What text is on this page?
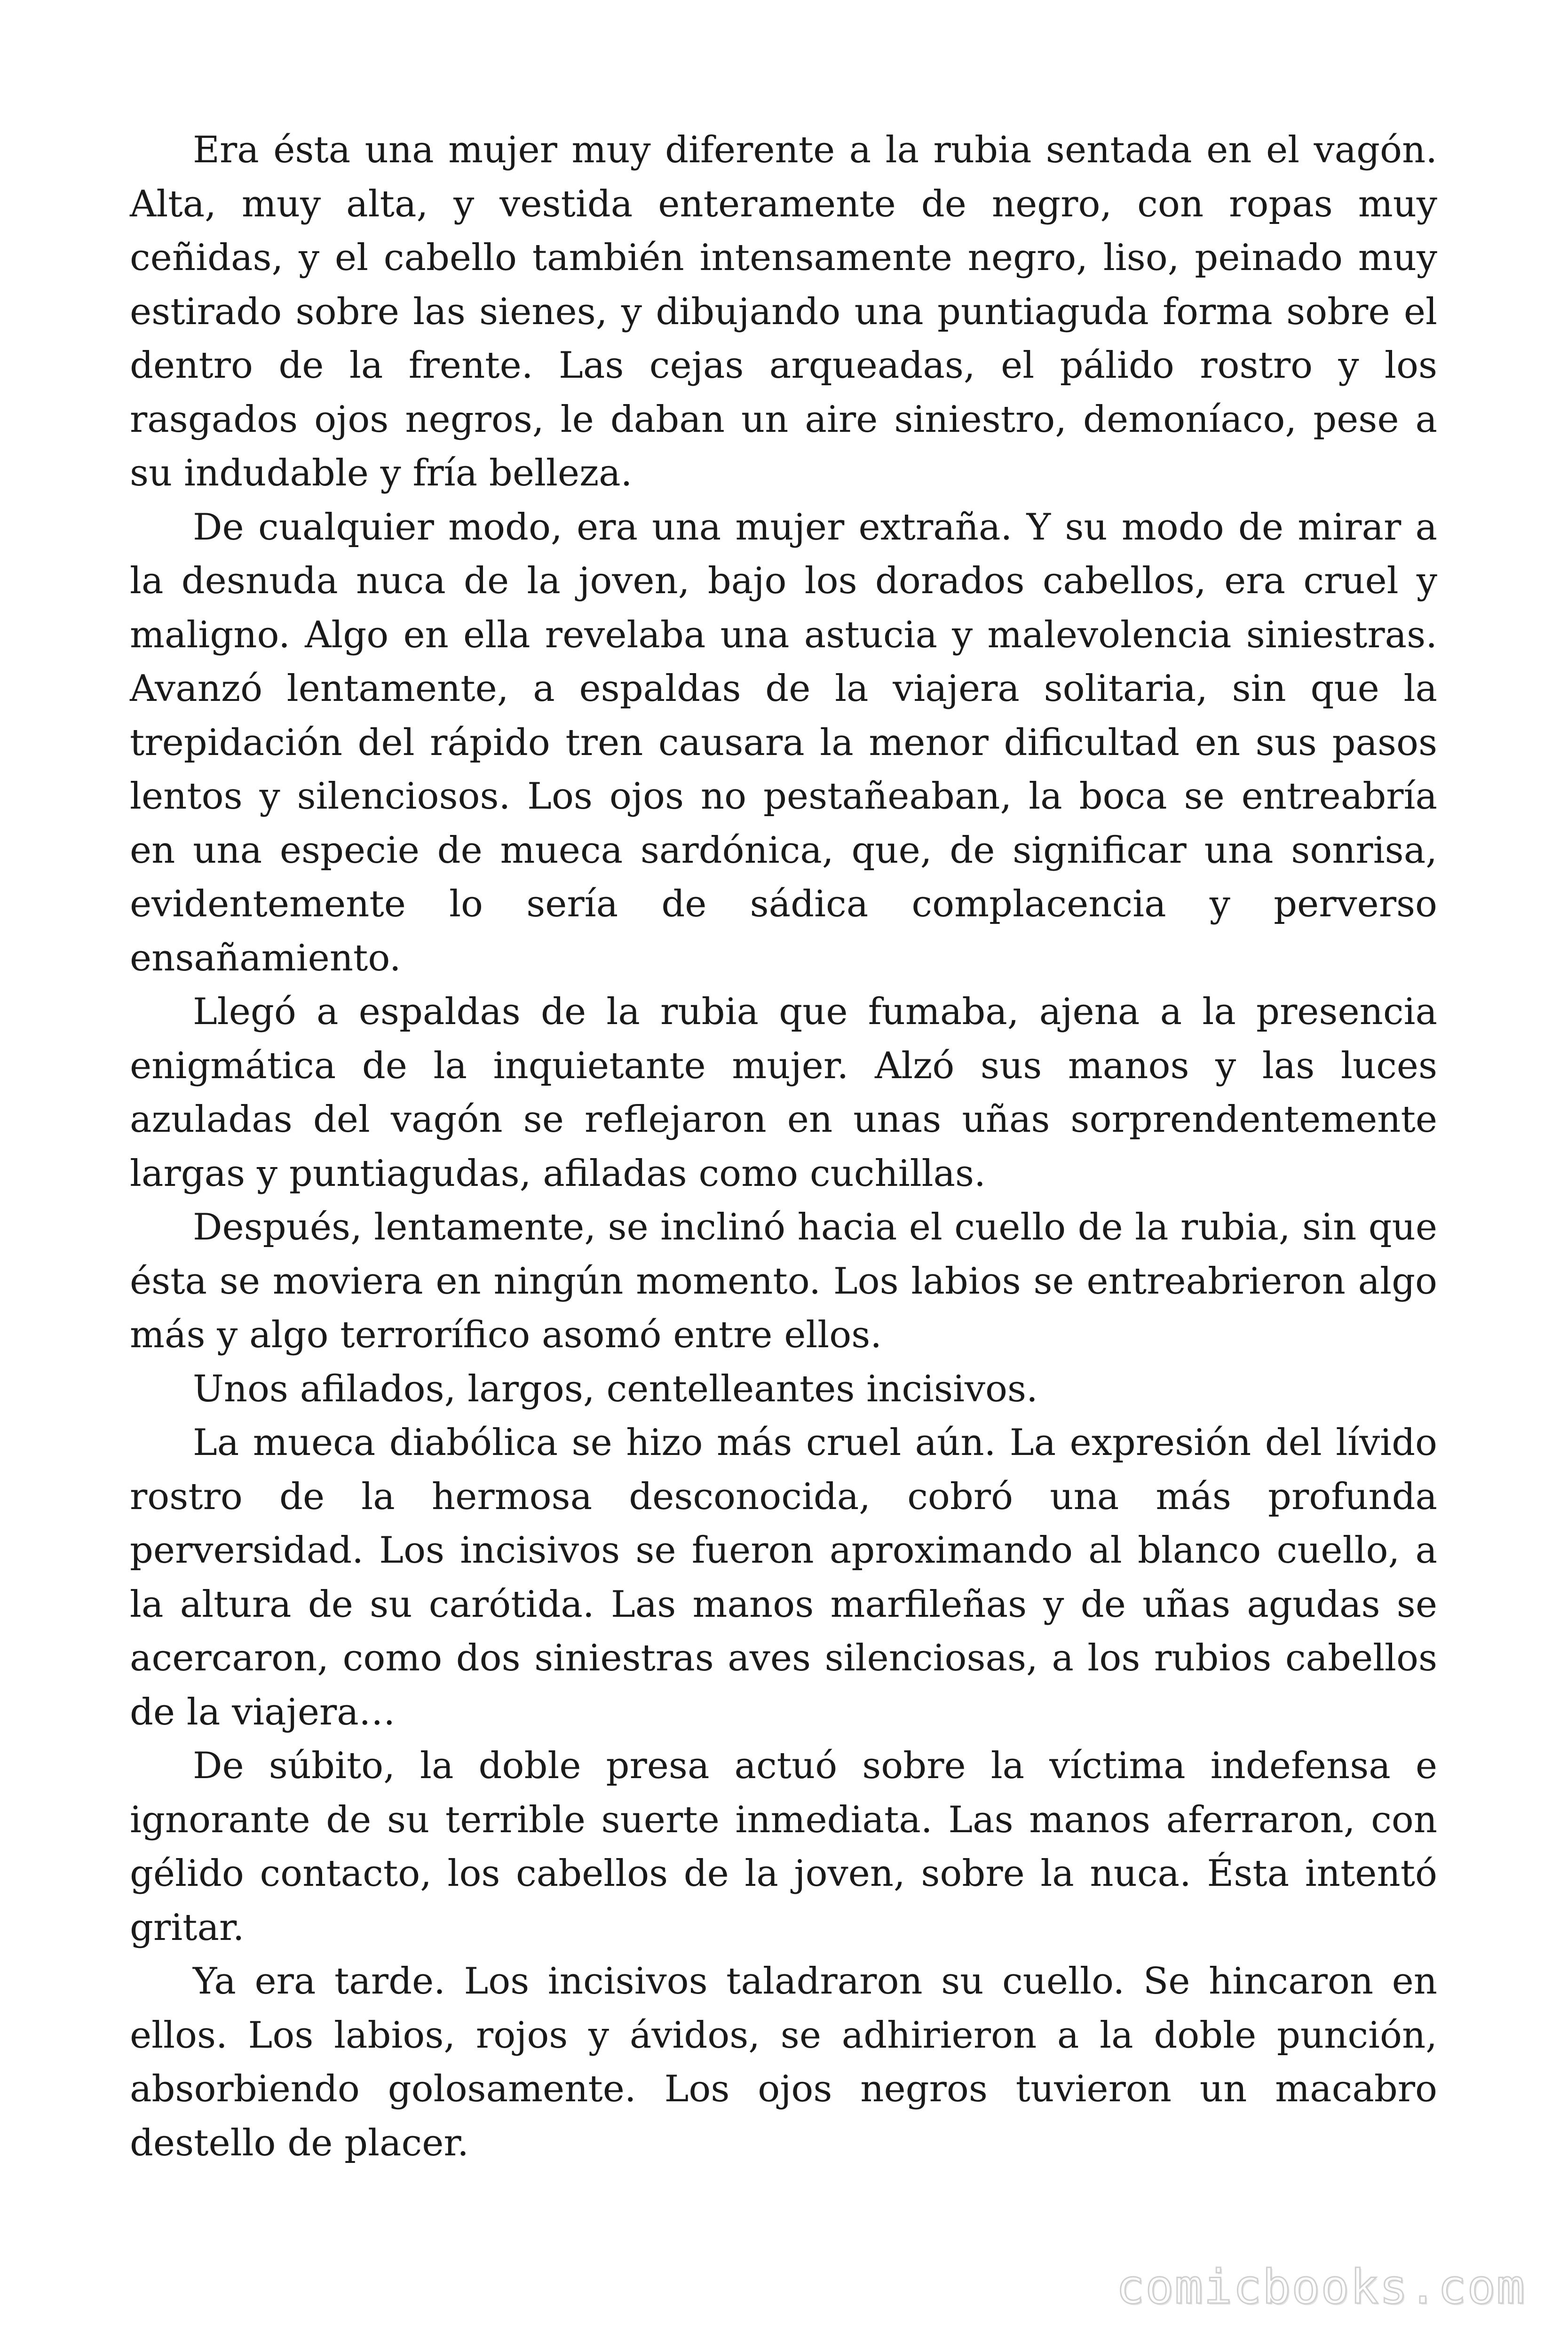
Era ésta una mujer muy diferente a la rubia sentada en el vagón. Alta, muy alta, y vestida enteramente de negro, con ropas muy ceñidas, y el cabello también intensamente negro, liso, peinado muy estirado sobre las sienes, y dibujando una puntiaguda forma sobre el dentro de la frente. Las cejas arqueadas, el pálido rostro y los rasgados ojos negros, le daban un aire siniestro, demoníaco, pese a su indudable y fría belleza.

De cualquier modo, era una mujer extraña. Y su modo de mirar a la desnuda nuca de la joven, bajo los dorados cabellos, era cruel y maligno. Algo en ella revelaba una astucia y malevolencia siniestras. Avanzó lentamente, a espaldas de la viajera solitaria, sin que la trepidación del rápido tren causara la menor dificultad en sus pasos lentos y silenciosos. Los ojos no pestañeaban, la boca se entreabría en una especie de mueca sardónica, que, de significar una sonrisa, evidentemente lo sería de sádica complacencia y perverso ensañamiento.

Llegó a espaldas de la rubia que fumaba, ajena a la presencia enigmática de la inquietante mujer. Alzó sus manos y las luces azuladas del vagón se reflejaron en unas uñas sorprendentemente largas y puntiagudas, afiladas como cuchillas.

Después, lentamente, se inclinó hacia el cuello de la rubia, sin que ésta se moviera en ningún momento. Los labios se entreabrieron algo más y algo terrorífico asomó entre ellos.

Unos afilados, largos, centelleantes incisivos.

La mueca diabólica se hizo más cruel aún. La expresión del lívido rostro de la hermosa desconocida, cobró una más profunda perversidad. Los incisivos se fueron aproximando al blanco cuello, a la altura de su carótida. Las manos marfileñas y de uñas agudas se acercaron, como dos siniestras aves silenciosas, a los rubios cabellos de la viajera…

De súbito, la doble presa actuó sobre la víctima indefensa e ignorante de su terrible suerte inmediata. Las manos aferraron, con gélido contacto, los cabellos de la joven, sobre la nuca. Ésta intentó gritar.

Ya era tarde. Los incisivos taladraron su cuello. Se hincaron en ellos. Los labios, rojos y ávidos, se adhirieron a la doble punción, absorbiendo golosamente. Los ojos negros tuvieron un macabro destello de placer.

comicbooks.com
